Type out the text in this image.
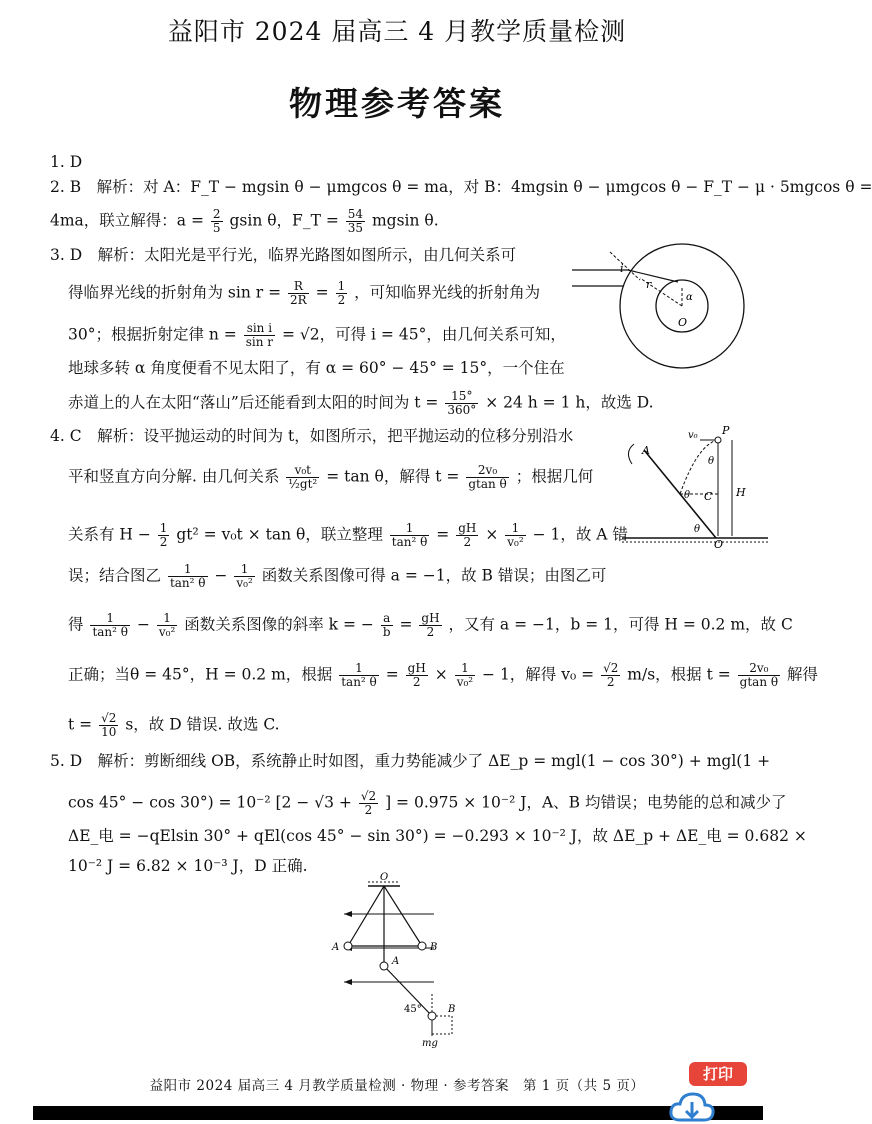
益阳市 2024 届高三 4 月教学质量检测
物理参考答案
1. D
2. B　解析：对 A：F_T − mgsin θ − μmgcos θ = ma，对 B：4mgsin θ − μmgcos θ − F_T − μ · 5mgcos θ =
4ma，联立解得：$a = \frac{2}{5}$ gsin θ，F_T = $\frac{54}{35}$ mgsin θ.
3. D　解析：太阳光是平行光，临界光路图如图所示，由几何关系可
得临界光线的折射角为 $\sin r = \frac{R}{2R} = \frac{1}{2}$ ，可知临界光线的折射角为
30°；根据折射定律 $n = \frac{\text{sin i}}{\text{sin r}} = √2$，可得 i = 45°，由几何关系可知，
地球多转 α 角度便看不见太阳了，有 α = 60° − 45° = 15°，一个住在
赤道上的人在太阳“落山”后还能看到太阳的时间为 $t = \frac{15^\circ}{360^\circ} \times 24$ h = 1 h，故选 D.
i
r
α
O
4. C　解析：设平抛运动的时间为 t，如图所示，把平抛运动的位移分别沿水
平和竖直方向分解. 由几何关系 $\frac{\text{v₀t}}{\text{½gt²}} = \tan \theta$，解得 $t = \frac{\text{2v₀}}{\text{gtan θ}}$ ；根据几何
关系有 $H - \frac{1}{2} gt^2 = v_0t \times \tan \theta$，联立整理 $\frac{1}{\text{tan² θ}} = \frac{gH}{2} \times \frac{1}{\text{v₀²}} - 1$，故 A 错
误；结合图乙 $\frac{1}{\text{tan² θ}} - \frac{1}{\text{v₀²}}$ 函数关系图像可得 a = −1，故 B 错误；由图乙可
得 $\frac{1}{\text{tan² θ}} - \frac{1}{\text{v₀²}}$ 函数关系图像的斜率 k = − $\frac{a}{b} = \frac{gH}{2}$ ，又有 a = −1，b = 1，可得 H = 0.2 m，故 C
正确；当θ = 45°，H = 0.2 m，根据 $\frac{1}{\text{tan² θ}} = \frac{gH}{2} \times \frac{1}{\text{v₀²}} - 1$，解得 $v_0 = \frac{√2}{2} m/s$，根据 $t = \frac{\text{2v₀}}{\text{gtan θ}}$ 解得
$t = \frac{√2}{10}$ s，故 D 错误. 故选 C.
v₀ P
A
θ
θ
θ
C H
O
5. D　解析：剪断细线 OB，系统静止时如图，重力势能减少了 ΔE_p = mgl(1 − cos 30°) + mgl(1 +
cos 45° − cos 30°) = 10⁻² [$2 - √3 + \frac{√2}{2}$ ] = 0.975 × 10⁻² J，A、B 均错误；电势能的总和减少了
ΔE_电 = −qElsin 30° + qEl(cos 45° − sin 30°) = −0.293 × 10⁻² J，故 ΔE_p + ΔE_电 = 0.682 ×
10⁻² J = 6.82 × 10⁻³ J，D 正确.
O
A	B
A
B
45°
mg
益阳市 2024 届高三 4 月教学质量检测 · 物理 · 参考答案　第 1 页（共 5 页）
打印
